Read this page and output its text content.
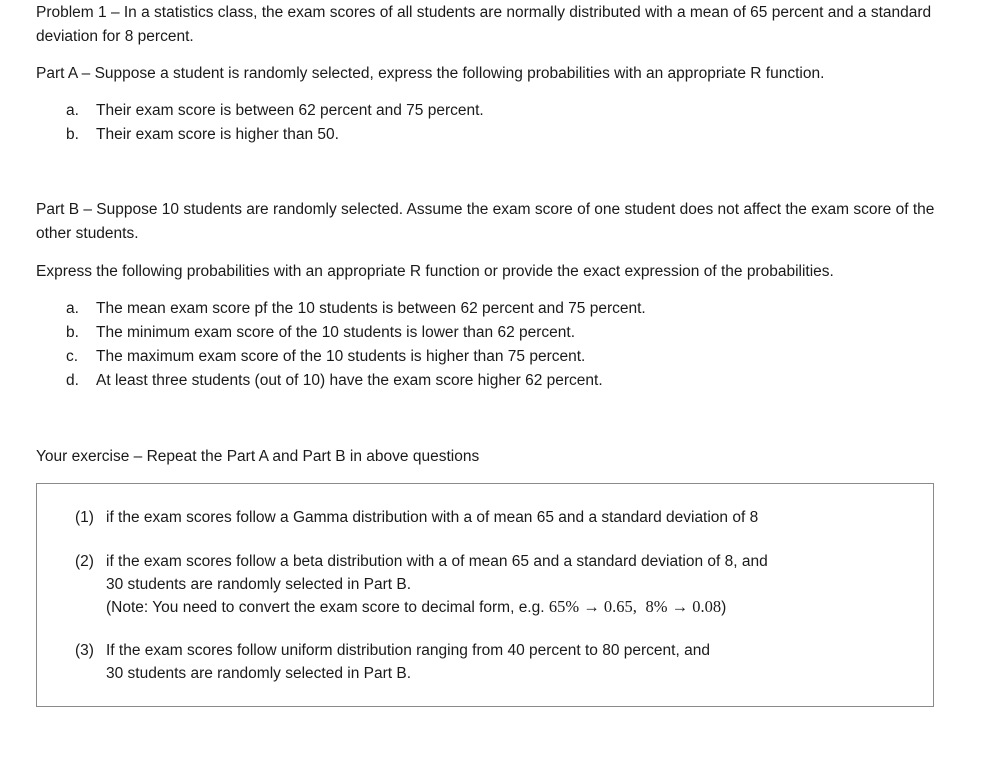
Problem 1 – In a statistics class, the exam scores of all students are normally distributed with a mean of 65 percent and a standard deviation for 8 percent.

Part A – Suppose a student is randomly selected, express the following probabilities with an appropriate R function.

a.	Their exam score is between 62 percent and 75 percent.
b.	Their exam score is higher than 50.

Part B – Suppose 10 students are randomly selected. Assume the exam score of one student does not affect the exam score of the other students.

Express the following probabilities with an appropriate R function or provide the exact expression of the probabilities.

a.	The mean exam score pf the 10 students is between 62 percent and 75 percent.
b.	The minimum exam score of the 10 students is lower than 62 percent.
c.	The maximum exam score of the 10 students is higher than 75 percent.
d.	At least three students (out of 10) have the exam score higher 62 percent.

Your exercise – Repeat the Part A and Part B in above questions

(1) if the exam scores follow a Gamma distribution with a of mean 65 and a standard deviation of 8
(2) if the exam scores follow a beta distribution with a of mean 65 and a standard deviation of 8, and
30 students are randomly selected in Part B.
(Note: You need to convert the exam score to decimal form, e.g. 65% → 0.65, 8% → 0.08)
(3) If the exam scores follow uniform distribution ranging from 40 percent to 80 percent, and
30 students are randomly selected in Part B.
